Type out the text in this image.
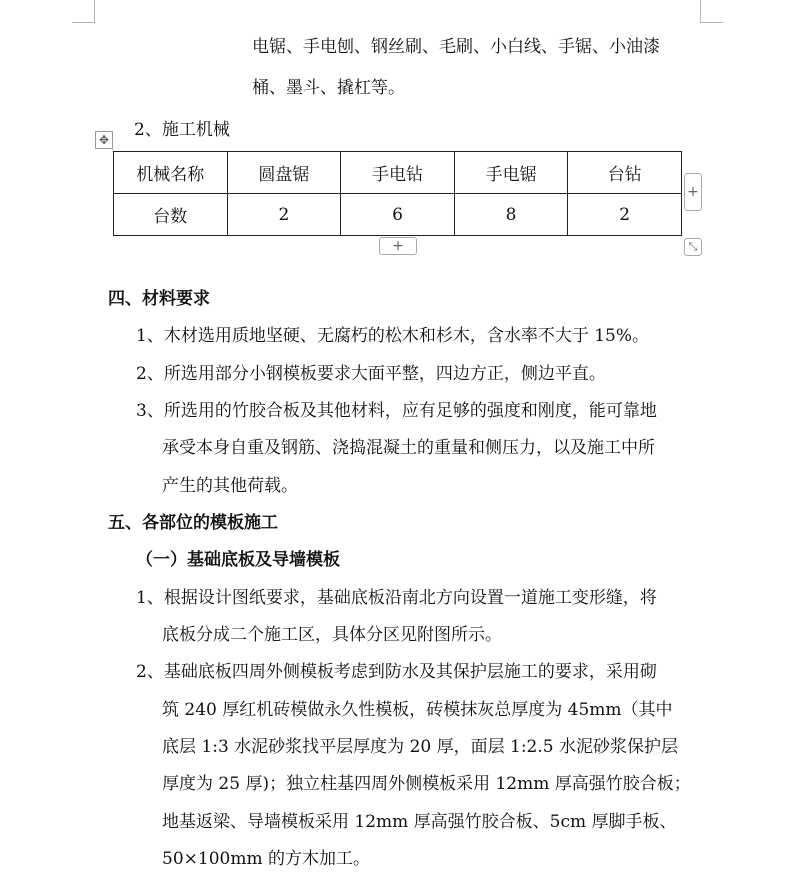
电锯、手电刨、钢丝刷、毛刷、小白线、手锯、小油漆
桶、墨斗、撬杠等。
2、施工机械
✥
机械名称	圆盘锯	手电钻	手电锯	台钻
台数	2	6	8	2
+
+	⤡
四、材料要求
1、木材选用质地坚硬、无腐朽的松木和杉木，含水率不大于 15%。
2、所选用部分小钢模板要求大面平整，四边方正，侧边平直。
3、所选用的竹胶合板及其他材料，应有足够的强度和刚度，能可靠地
承受本身自重及钢筋、浇捣混凝土的重量和侧压力，以及施工中所
产生的其他荷载。
五、各部位的模板施工
（一）基础底板及导墙模板
1、根据设计图纸要求，基础底板沿南北方向设置一道施工变形缝，将
底板分成二个施工区，具体分区见附图所示。
2、基础底板四周外侧模板考虑到防水及其保护层施工的要求，采用砌
筑 240 厚红机砖模做永久性模板，砖模抹灰总厚度为 45mm（其中
底层 1:3 水泥砂浆找平层厚度为 20 厚，面层 1:2.5 水泥砂浆保护层
厚度为 25 厚)；独立柱基四周外侧模板采用 12mm 厚高强竹胶合板；
地基返梁、导墙模板采用 12mm 厚高强竹胶合板、5cm 厚脚手板、
50×100mm 的方木加工。
